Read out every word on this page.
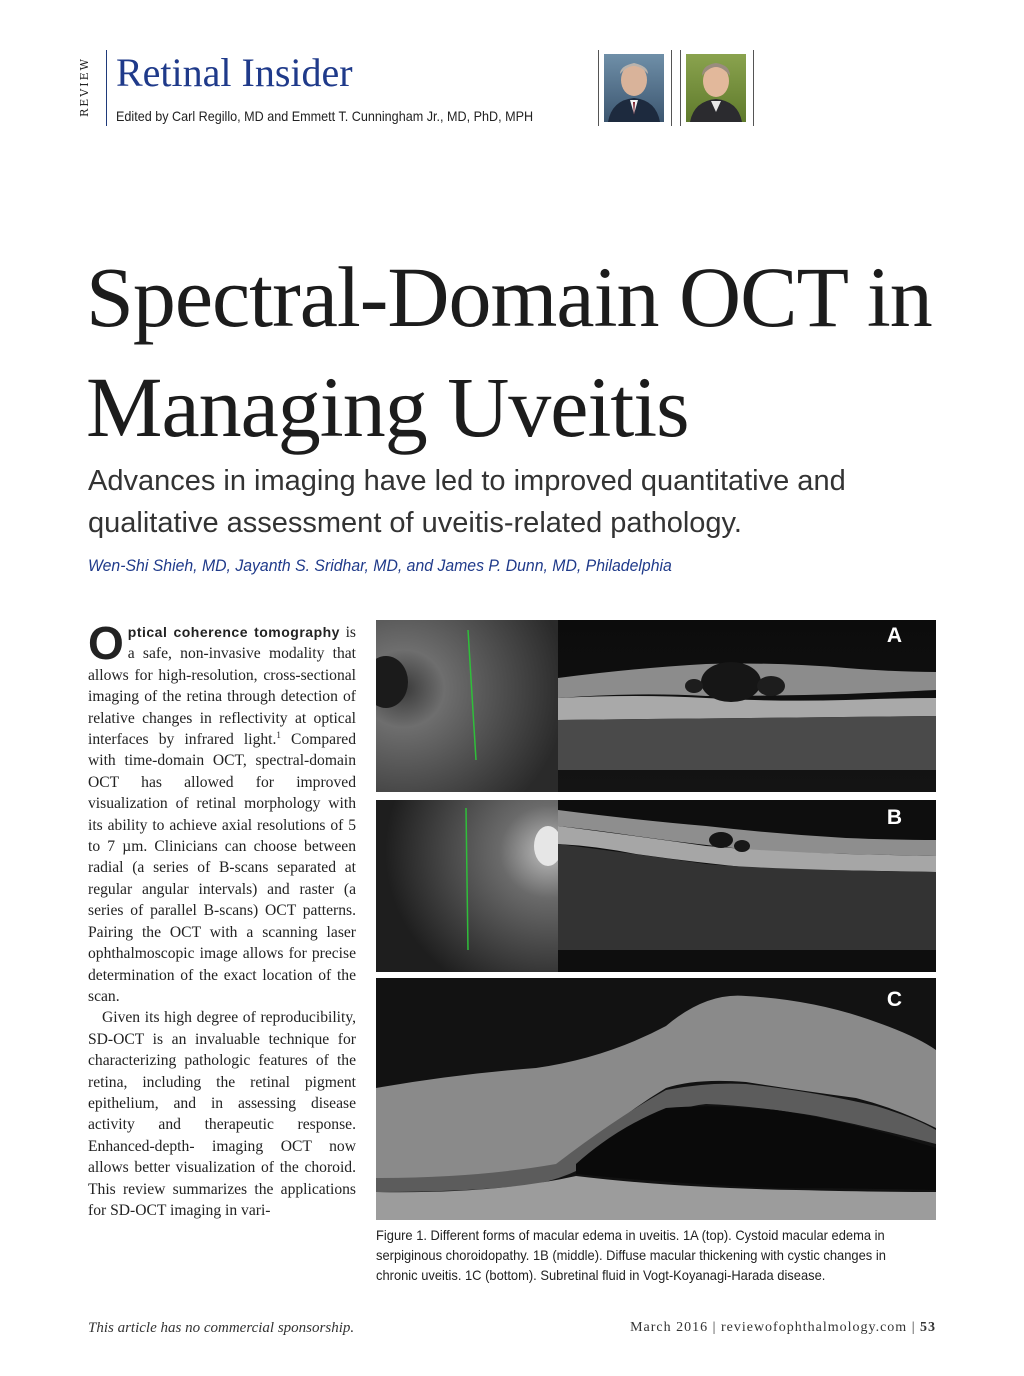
REVIEW Retinal Insider
Edited by Carl Regillo, MD and Emmett T. Cunningham Jr., MD, PhD, MPH
Spectral-Domain OCT in
Managing Uveitis
Advances in imaging have led to improved quantitative and qualitative assessment of uveitis-related pathology.
Wen-Shi Shieh, MD, Jayanth S. Sridhar, MD, and James P. Dunn, MD, Philadelphia

Optical coherence tomography is a safe, non-invasive modality that allows for high-resolution, cross-sectional imaging of the retina through detection of relative changes in reflectivity at optical interfaces by infrared light.$^1$ Compared with time-domain OCT, spectral-domain OCT has allowed for improved visualization of retinal morphology with its ability to achieve axial resolutions of 5 to 7 µm. Clinicians can choose between radial (a series of B-scans separated at regular angular intervals) and raster (a series of parallel B-scans) OCT patterns. Pairing the OCT with a scanning laser ophthalmoscopic image allows for precise determination of the exact location of the scan.

Given its high degree of reproducibility, SD-OCT is an invaluable technique for characterizing pathologic features of the retina, including the retinal pigment epithelium, and in assessing disease activity and therapeutic response. Enhanced-depth- imaging OCT now allows better visualization of the choroid. This review summarizes the applications for SD-OCT imaging in vari-

A
B
C
Figure 1. Different forms of macular edema in uveitis. 1A (top). Cystoid macular edema in serpiginous choroidopathy. 1B (middle). Diffuse macular thickening with cystic changes in chronic uveitis. 1C (bottom). Subretinal fluid in Vogt-Koyanagi-Harada disease.
This article has no commercial sponsorship.	March 2016 | reviewofophthalmology.com | 53
